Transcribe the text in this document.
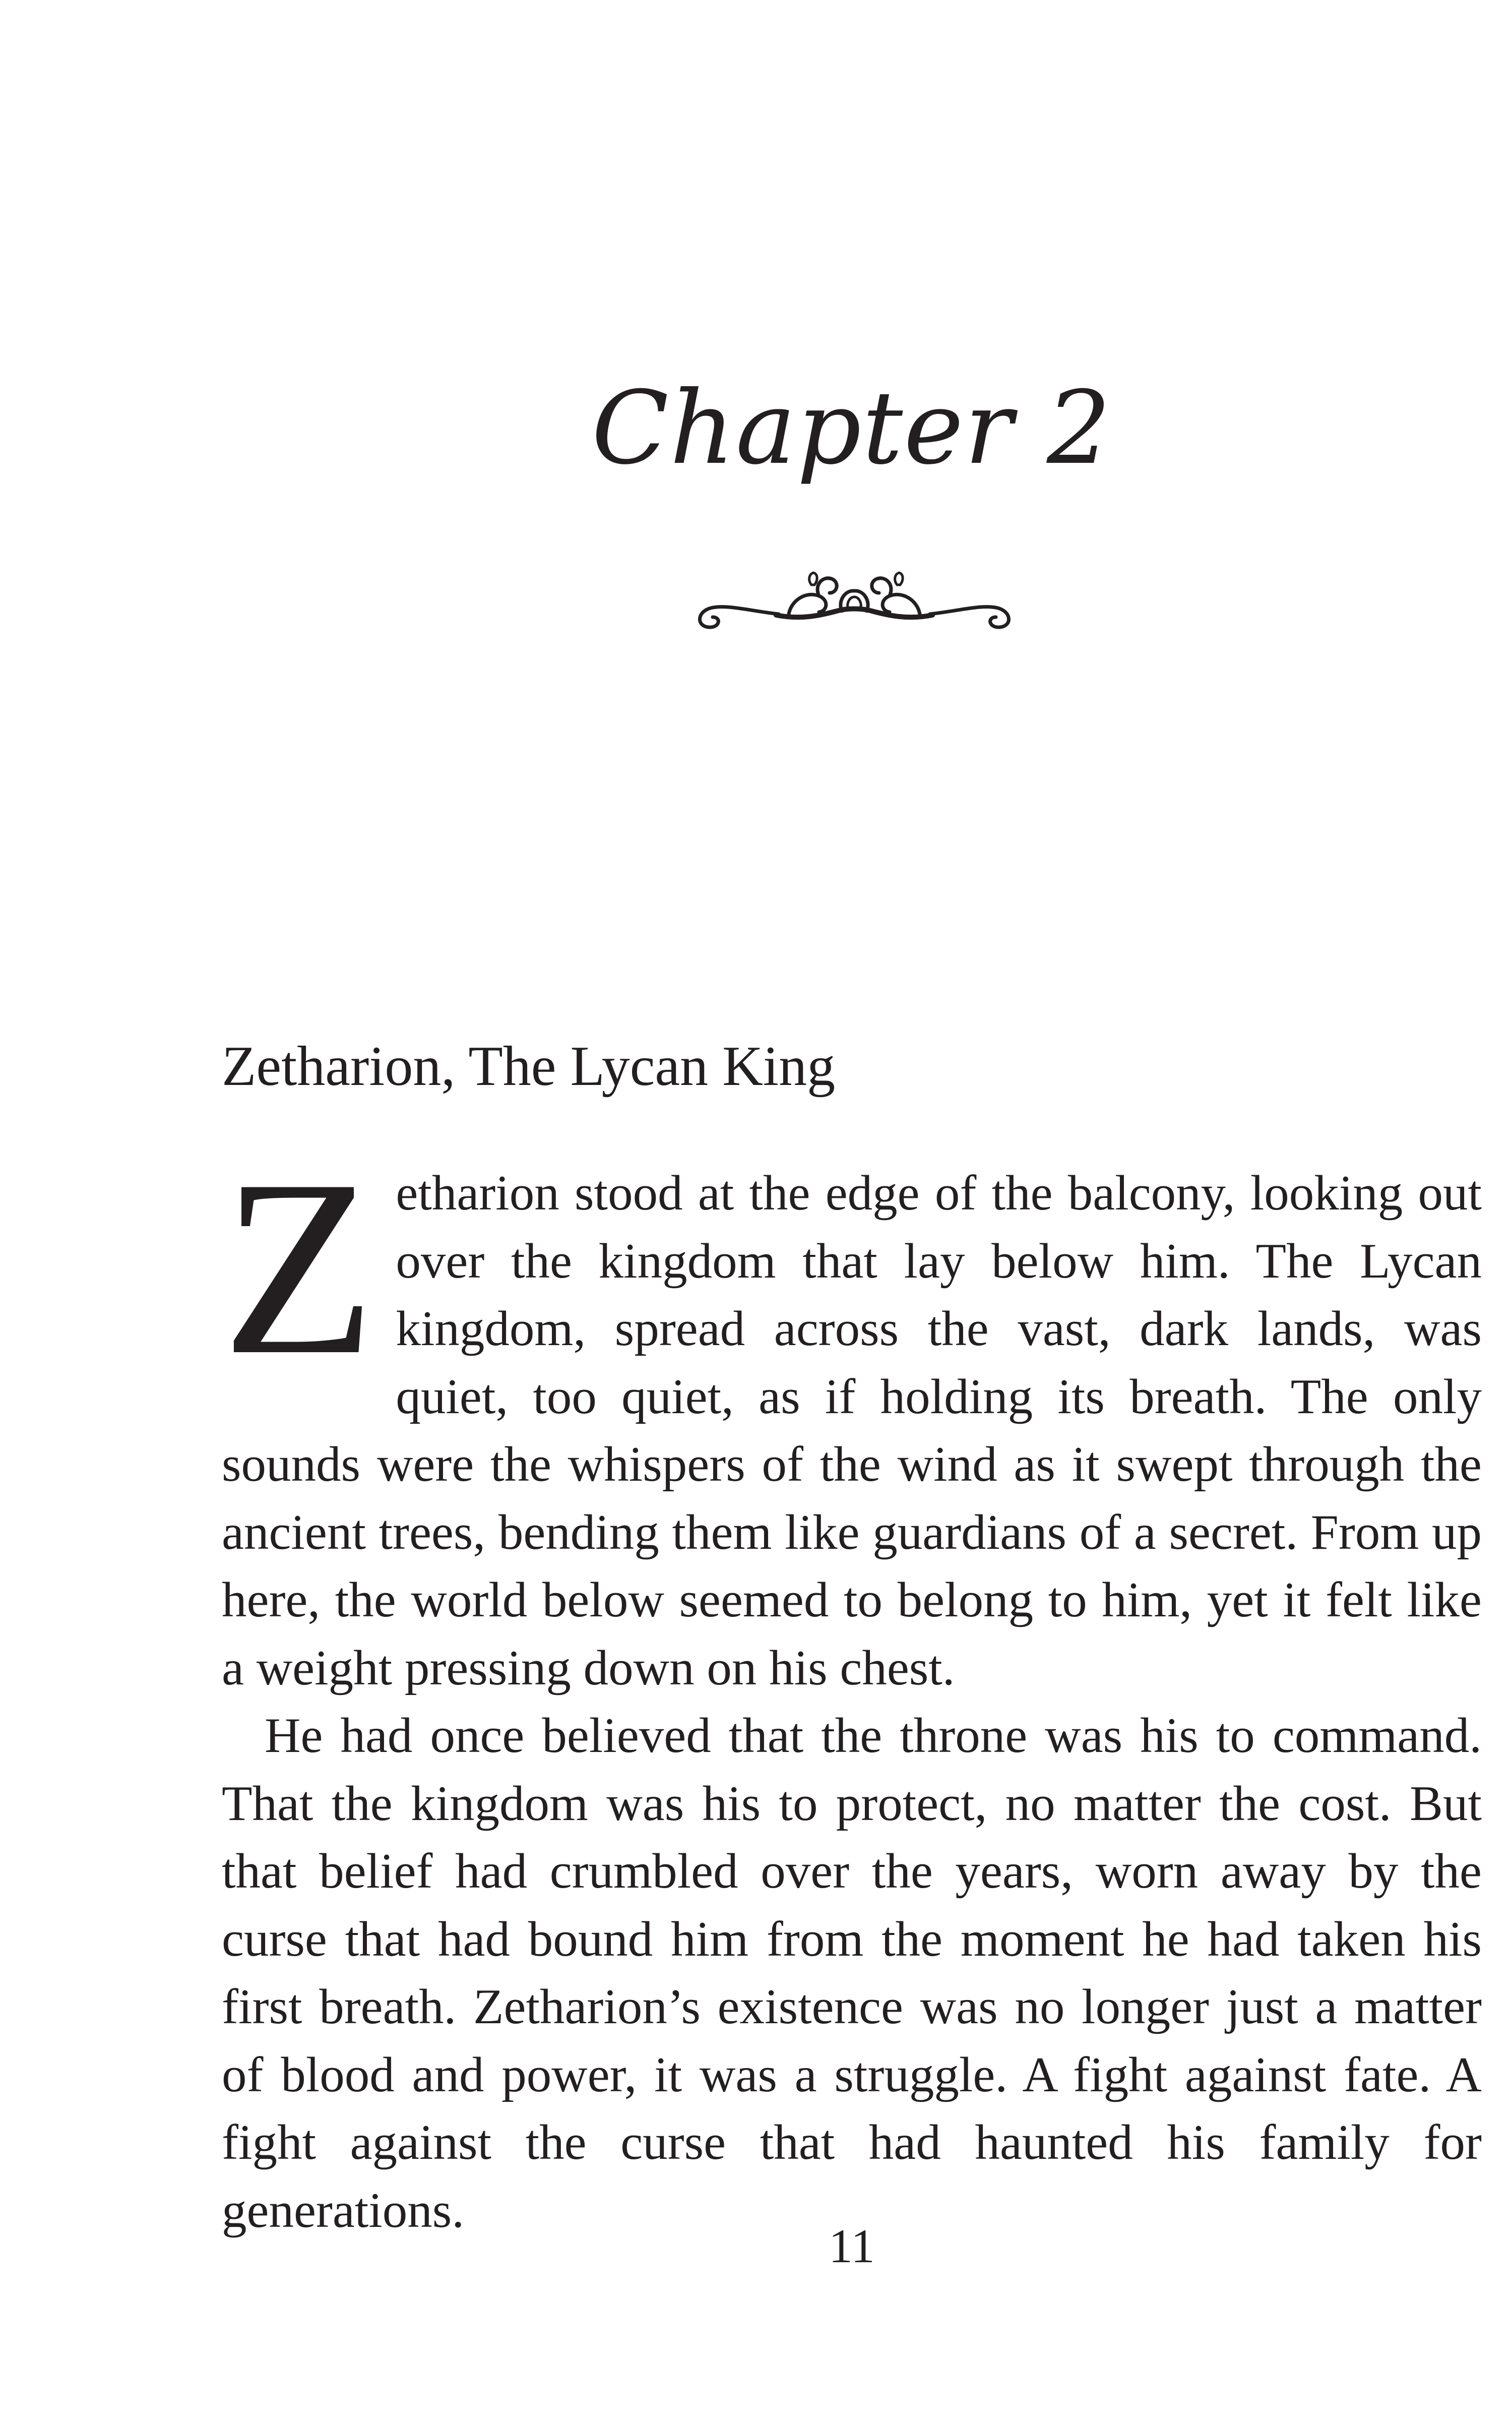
Chapter 2
Zetharion, The Lycan King

Zetharion stood at the edge of the balcony, looking out over the kingdom that lay below him. The Lycan kingdom, spread across the vast, dark lands, was quiet, too quiet, as if holding its breath. The only sounds were the whispers of the wind as it swept through the ancient trees, bending them like guardians of a secret. From up here, the world below seemed to belong to him, yet it felt like a weight pressing down on his chest.

He had once believed that the throne was his to command. That the kingdom was his to protect, no matter the cost. But that belief had crumbled over the years, worn away by the curse that had bound him from the moment he had taken his first breath. Zetharion’s existence was no longer just a matter of blood and power, it was a struggle. A fight against fate. A fight against the curse that had haunted his family for generations.

11
